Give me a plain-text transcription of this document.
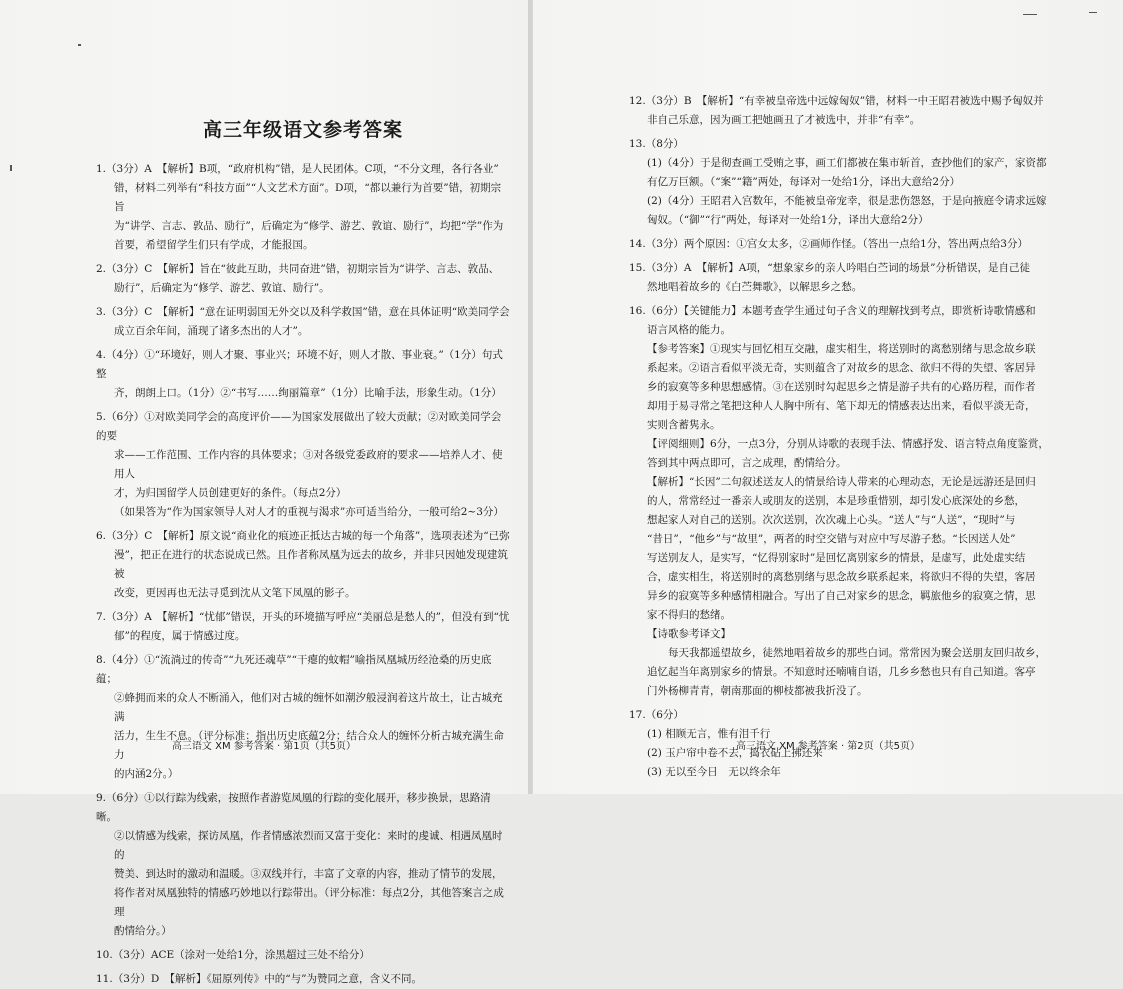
高三年级语文参考答案
1.（3分）A　【解析】B项，“政府机构”错，是人民团体。C项，“不分文理，各行各业”
错，材料二列举有“科技方面”“人文艺术方面”。D项，“都以兼行为首要”错，初期宗旨
为“讲学、言志、敦品、励行”，后确定为“修学、游艺、敦谊、励行”，均把“学”作为
首要，希望留学生们只有学成，才能报国。
2.（3分）C　【解析】旨在“彼此互助，共同奋进”错，初期宗旨为“讲学、言志、敦品、
励行”，后确定为“修学、游艺、敦谊、励行”。
3.（3分）C　【解析】“意在证明弱国无外交以及科学救国”错，意在具体证明“欧美同学会
成立百余年间，涌现了诸多杰出的人才”。
4.（4分）①“环境好，则人才聚、事业兴；环境不好，则人才散、事业衰。”（1分）句式整
齐，朗朗上口。（1分）②“书写……绚丽篇章”（1分）比喻手法，形象生动。（1分）
5.（6分）①对欧美同学会的高度评价——为国家发展做出了较大贡献；②对欧美同学会的要
求——工作范围、工作内容的具体要求；③对各级党委政府的要求——培养人才、使用人
才，为归国留学人员创建更好的条件。（每点2分）
（如果答为“作为国家领导人对人才的重视与渴求”亦可适当给分，一般可给2~3分）
6.（3分）C　【解析】原文说“商业化的痕迹正抵达古城的每一个角落”，选项表述为“已弥
漫”，把正在进行的状态说成已然。且作者称凤凰为远去的故乡，并非只因她发现建筑被
改变，更因再也无法寻觅到沈从文笔下凤凰的影子。
7.（3分）A　【解析】“忧郁”错误，开头的环境描写呼应“美丽总是愁人的”，但没有到“忧
郁”的程度，属于情感过度。
8.（4分）①“流淌过的传奇”“九死还魂草”“干瘪的蚊帽”喻指凤凰城历经沧桑的历史底蕴；
②蜂拥而来的众人不断涌入，他们对古城的缠怀如潮汐般浸润着这片故土，让古城充满
活力，生生不息。（评分标准：指出历史底蕴2分；结合众人的缠怀分析古城充满生命力
的内涵2分。）
9.（6分）①以行踪为线索，按照作者游览凤凰的行踪的变化展开，移步换景，思路清晰。
②以情感为线索，探访凤凰，作者情感浓烈而又富于变化：来时的虔诚、相遇凤凰时的
赞美、到达时的激动和温暖。③双线并行，丰富了文章的内容，推动了情节的发展，
将作者对凤凰独特的情感巧妙地以行踪带出。（评分标准：每点2分，其他答案言之成理
酌情给分。）
10.（3分）ACE（涂对一处给1分，涂黑超过三处不给分）
11.（3分）D　【解析】《屈原列传》中的“与”为赞同之意，含义不同。
高三语文 XM 参考答案 · 第1页（共5页）
12.（3分）B　【解析】“有幸被皇帝选中远嫁匈奴”错，材料一中王昭君被选中赐予匈奴并
非自己乐意，因为画工把她画丑了才被选中，并非“有幸”。
13.（8分）
(1)（4分）于是彻查画工受贿之事，画工们都被在集市斩首，查抄他们的家产，家资都
有亿万巨额。（“案”“籍”两处，每译对一处给1分，译出大意给2分）
(2)（4分）王昭君入宫数年，不能被皇帝宠幸，很是悲伤怨怒，于是向掖庭令请求远嫁
匈奴。（“御”“行”两处，每译对一处给1分，译出大意给2分）
14.（3分）两个原因：①宫女太多，②画师作怪。（答出一点给1分，答出两点给3分）
15.（3分）A　【解析】A项，“想象家乡的亲人吟唱白苎词的场景”分析错误，是自己徒
然地唱着故乡的《白苎舞歌》，以解思乡之愁。
16.（6分）【关键能力】本题考查学生通过句子含义的理解找到考点，即赏析诗歌情感和
语言风格的能力。
【参考答案】①现实与回忆相互交融，虚实相生，将送别时的离愁别绪与思念故乡联
系起来。②语言看似平淡无奇，实则蕴含了对故乡的思念、欲归不得的失望、客居异
乡的寂寞等多种思想感情。③在送别时勾起思乡之情是游子共有的心路历程，而作者
却用于易寻常之笔把这种人人胸中所有、笔下却无的情感表达出来，看似平淡无奇，
实则含蓄隽永。
【评阅细则】6分，一点3分，分别从诗歌的表现手法、情感抒发、语言特点角度鉴赏，
答到其中两点即可，言之成理，酌情给分。
【解析】“长因”二句叙述送友人的情景给诗人带来的心理动态，无论是远游还是回归
的人，常常经过一番亲人或朋友的送别，本是珍重惜别，却引发心底深处的乡愁，
想起家人对自己的送别。次次送别，次次魂上心头。“送人”与“人送”，“现时”与
“昔日”，“他乡”与“故里”，两者的时空交错与对应中写尽游子愁。“长因送人处”
写送别友人，是实写，“忆得别家时”是回忆离别家乡的情景，是虚写，此处虚实结
合，虚实相生，将送别时的离愁别绪与思念故乡联系起来，将欲归不得的失望，客居
异乡的寂寞等多种感情相融合。写出了自己对家乡的思念，羁旅他乡的寂寞之情，思
家不得归的愁绪。
【诗歌参考译文】
　　每天我都遥望故乡，徒然地唱着故乡的那些白词。常常因为聚会送朋友回归故乡，
追忆起当年离别家乡的情景。不知意时还喃喃自语，几乡乡愁也只有自己知道。客亭
门外杨柳青青，朝南那面的柳枝都被我折没了。
17.（6分）
(1) 相顾无言，惟有泪千行
(2) 玉户帘中卷不去，捣衣砧上拂还来
(3) 无以至今日　无以终余年
高三语文 XM 参考答案 · 第2页（共5页）
